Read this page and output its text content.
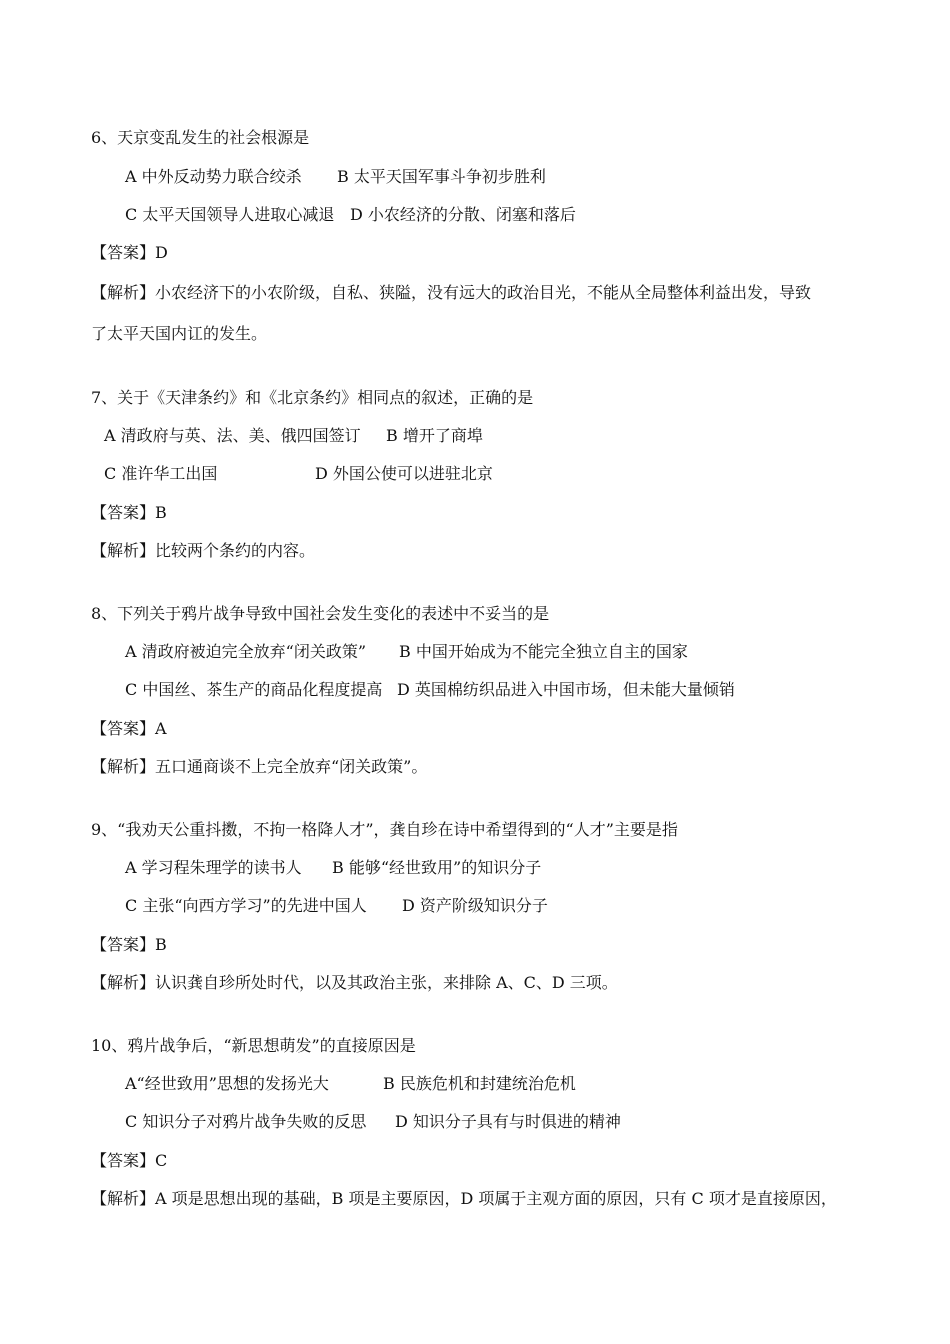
6、天京变乱发生的社会根源是
A 中外反动势力联合绞杀 B 太平天国军事斗争初步胜利
C 太平天国领导人进取心减退 D 小农经济的分散、闭塞和落后
【答案】D
【解析】小农经济下的小农阶级，自私、狭隘，没有远大的政治目光，不能从全局整体利益出发，导致
了太平天国内讧的发生。
7、关于《天津条约》和《北京条约》相同点的叙述，正确的是
A 清政府与英、法、美、俄四国签订 B 增开了商埠
C 准许华工出国	D 外国公使可以进驻北京
【答案】B
【解析】比较两个条约的内容。
8、下列关于鸦片战争导致中国社会发生变化的表述中不妥当的是
A 清政府被迫完全放弃“闭关政策” B 中国开始成为不能完全独立自主的国家
C 中国丝、茶生产的商品化程度提高 D 英国棉纺织品进入中国市场，但未能大量倾销
【答案】A
【解析】五口通商谈不上完全放弃“闭关政策”。
9、“我劝天公重抖擞，不拘一格降人才”，龚自珍在诗中希望得到的“人才”主要是指
A 学习程朱理学的读书人 B 能够“经世致用”的知识分子
C 主张“向西方学习”的先进中国人 D 资产阶级知识分子
【答案】B
【解析】认识龚自珍所处时代，以及其政治主张，来排除 A、C、D 三项。
10、鸦片战争后，“新思想萌发”的直接原因是
A“经世致用”思想的发扬光大	B 民族危机和封建统治危机
C 知识分子对鸦片战争失败的反思 D 知识分子具有与时俱进的精神
【答案】C
【解析】A 项是思想出现的基础，B 项是主要原因，D 项属于主观方面的原因，只有 C 项才是直接原因，
